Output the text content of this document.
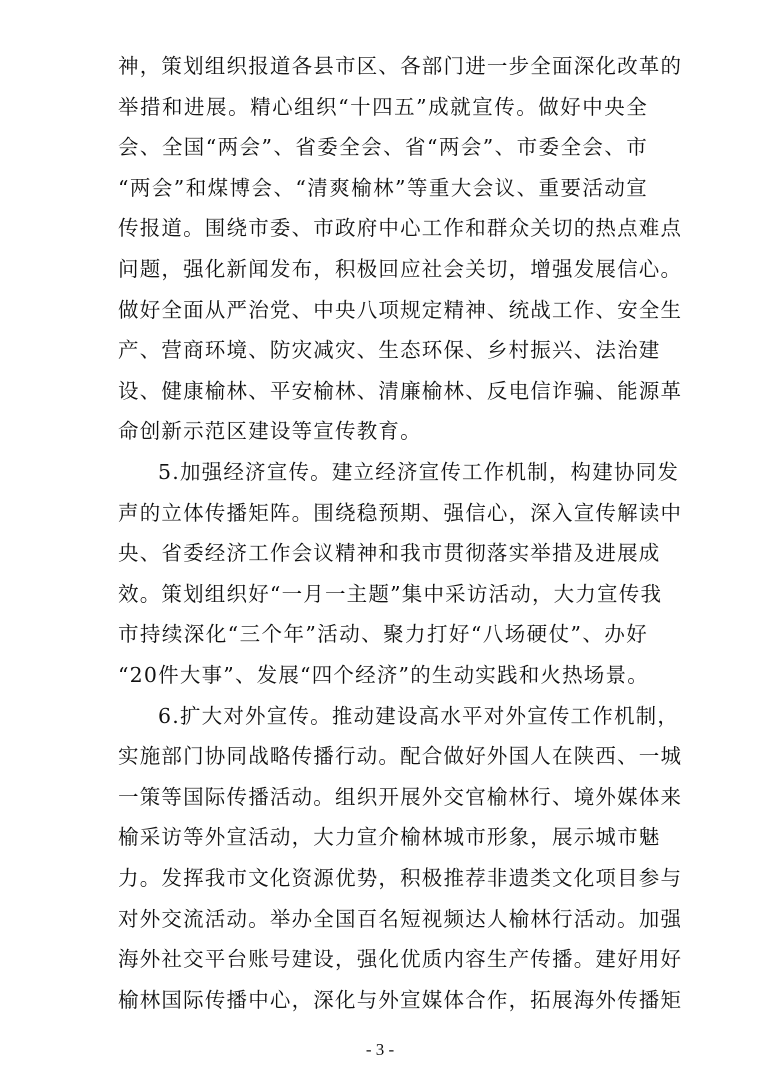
神，策划组织报道各县市区、各部门进一步全面深化改革的
举措和进展。精心组织“十四五”成就宣传。做好中央全
会、全国“两会”、省委全会、省“两会”、市委全会、市
“两会”和煤博会、“清爽榆林”等重大会议、重要活动宣
传报道。围绕市委、市政府中心工作和群众关切的热点难点
问题，强化新闻发布，积极回应社会关切，增强发展信心。
做好全面从严治党、中央八项规定精神、统战工作、安全生
产、营商环境、防灾减灾、生态环保、乡村振兴、法治建
设、健康榆林、平安榆林、清廉榆林、反电信诈骗、能源革
命创新示范区建设等宣传教育。
5.加强经济宣传。建立经济宣传工作机制，构建协同发
声的立体传播矩阵。围绕稳预期、强信心，深入宣传解读中
央、省委经济工作会议精神和我市贯彻落实举措及进展成
效。策划组织好“一月一主题”集中采访活动，大力宣传我
市持续深化“三个年”活动、聚力打好“八场硬仗”、办好
“20件大事”、发展“四个经济”的生动实践和火热场景。
6.扩大对外宣传。推动建设高水平对外宣传工作机制，
实施部门协同战略传播行动。配合做好外国人在陕西、一城
一策等国际传播活动。组织开展外交官榆林行、境外媒体来
榆采访等外宣活动，大力宣介榆林城市形象，展示城市魅
力。发挥我市文化资源优势，积极推荐非遗类文化项目参与
对外交流活动。举办全国百名短视频达人榆林行活动。加强
海外社交平台账号建设，强化优质内容生产传播。建好用好
榆林国际传播中心，深化与外宣媒体合作，拓展海外传播矩
- 3 -
